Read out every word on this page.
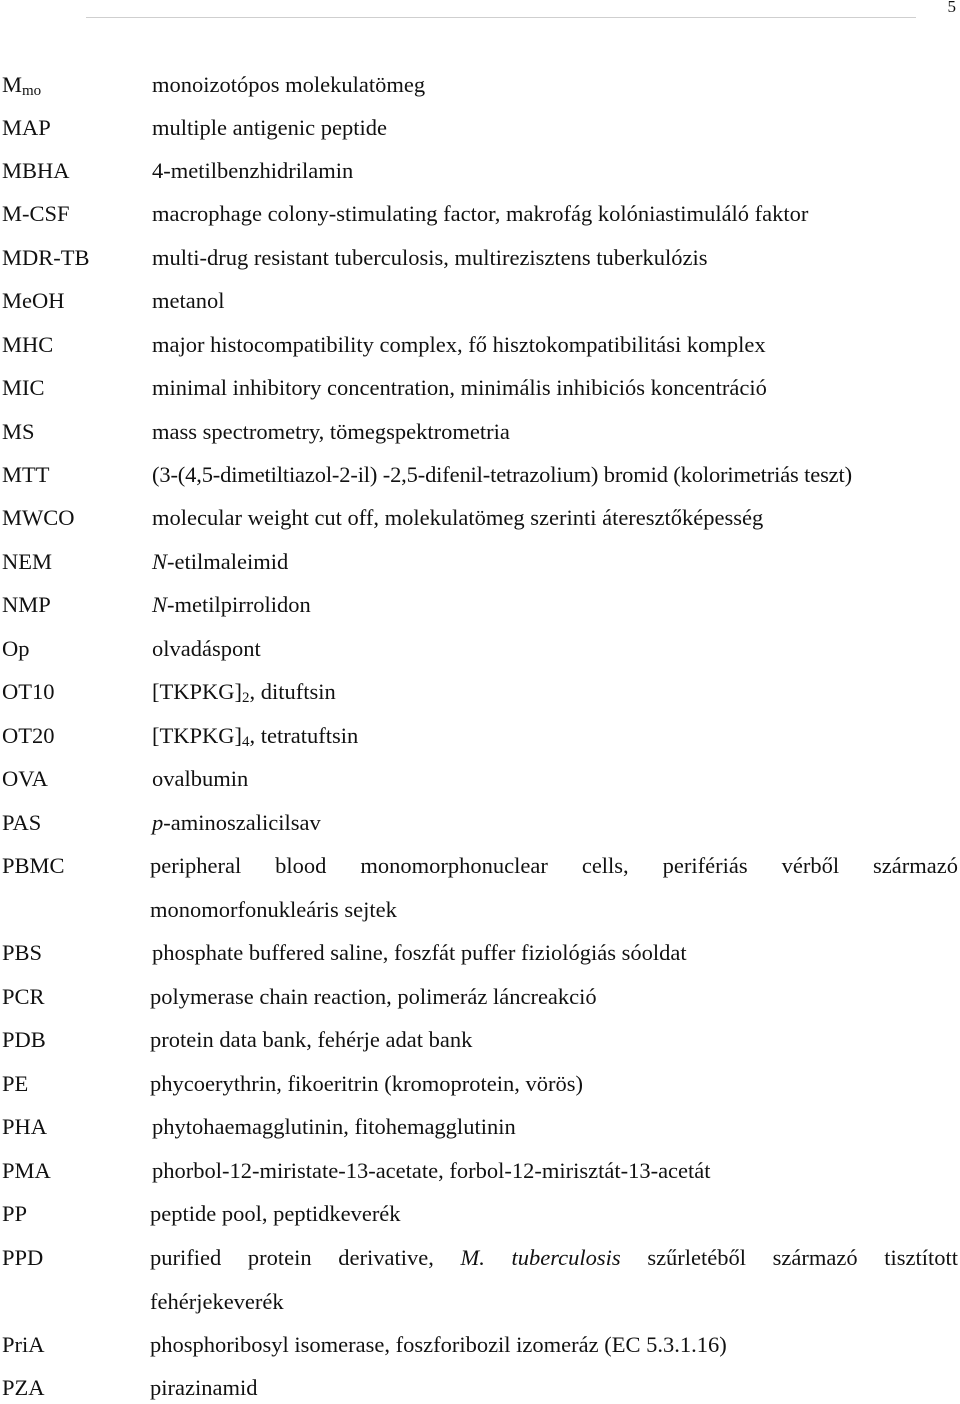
5
$M_{mo}$	monoizotópos molekulatömeg
MAP	multiple antigenic peptide
MBHA	4-metilbenzhidrilamin
M-CSF	macrophage colony-stimulating factor, makrofág kolóniastimuláló faktor
MDR-TB	multi-drug resistant tuberculosis, multirezisztens tuberkulózis
MeOH	metanol
MHC	major histocompatibility complex, fő hisztokompatibilitási komplex
MIC	minimal inhibitory concentration, minimális inhibiciós koncentráció
MS	mass spectrometry, tömegspektrometria
MTT	(3-(4,5-dimetiltiazol-2-il) -2,5-difenil-tetrazolium) bromid (kolorimetriás teszt)
MWCO	molecular weight cut off, molekulatömeg szerinti áteresztőképesség
NEM	N-etilmaleimid
NMP	N-metilpirrolidon
Op	olvadáspont
OT10	$[TKPKG]_2$, dituftsin
OT20	$[TKPKG]_4$, tetratuftsin
OVA	ovalbumin
PAS	p-aminoszalicilsav
PBMC	peripheral blood monomorphonuclear cells, perifériás vérből származó
monomorfonukleáris sejtek
PBS	phosphate buffered saline, foszfát puffer fiziológiás sóoldat
PCR	polymerase chain reaction, polimeráz láncreakció
PDB	protein data bank, fehérje adat bank
PE	phycoerythrin, fikoeritrin (kromoprotein, vörös)
PHA	phytohaemagglutinin, fitohemagglutinin
PMA	phorbol-12-miristate-13-acetate, forbol-12-mirisztát-13-acetát
PP	peptide pool, peptidkeverék
PPD	purified protein derivative, M. tuberculosis szűrletéből származó tisztított
fehérjekeverék
PriA	phosphoribosyl isomerase, foszforibozil izomeráz (EC 5.3.1.16)
PZA	pirazinamid
